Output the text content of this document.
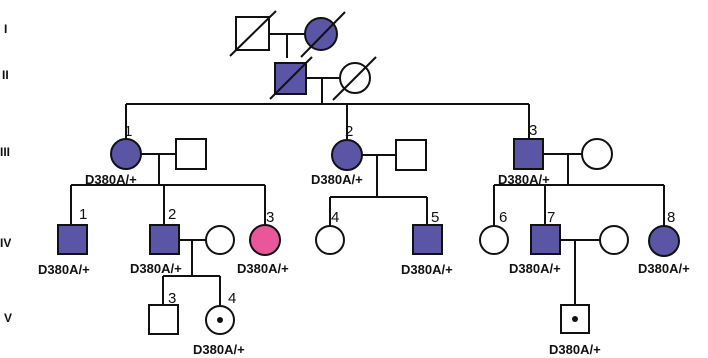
I
II
III
IV
V
1
D380A/+
2
D380A/+
3
D380A/+
1
D380A/+
2
D380A/+
3
D380A/+
4	5
D380A/+
6	7
D380A/+
8
D380A/+
3	4
D380A/+	D380A/+
